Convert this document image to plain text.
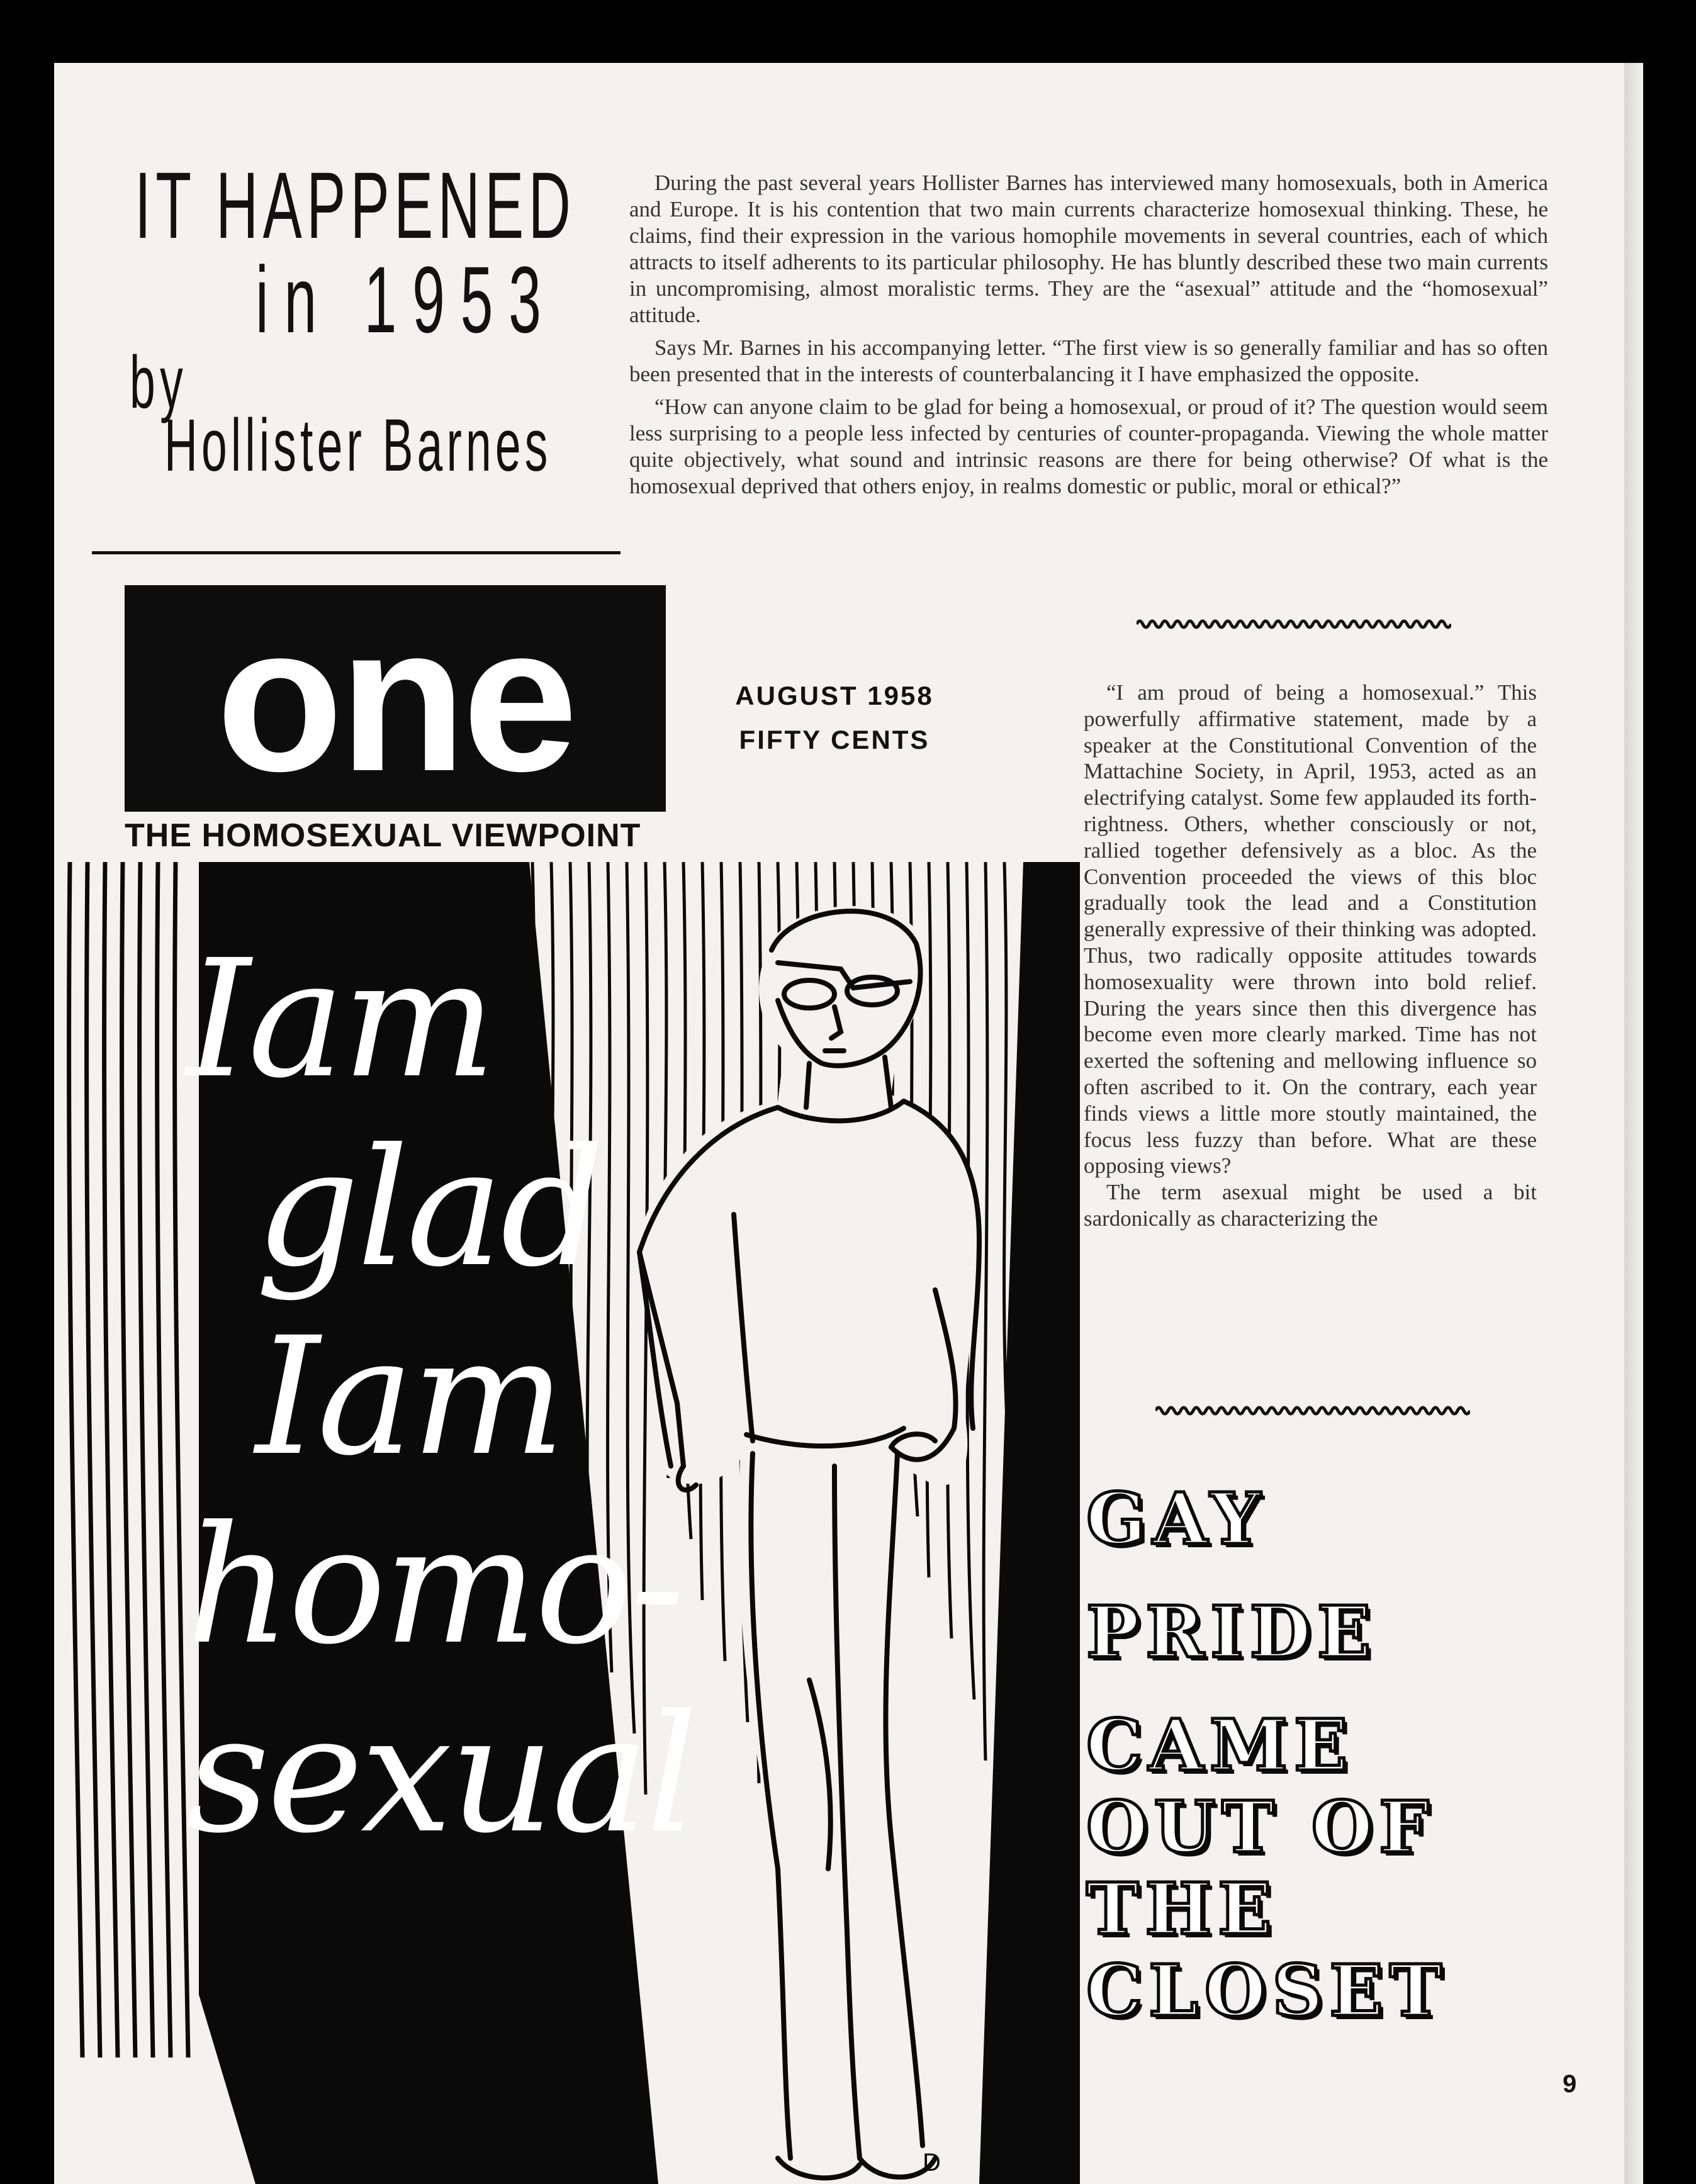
IT HAPPENED
in 1953
by
Hollister Barnes

During the past several years Hollister Barnes has interviewed many homosexuals, both in America and Europe. It is his contention that two main currents characterize homosexual thinking. These, he claims, find their expression in the various homophile movements in several countries, each of which attracts to itself adherents to its particular philosophy. He has bluntly described these two main currents in uncompromising, almost moralistic terms. They are the “asexual” attitude and the “homosexual” attitude.

Says Mr. Barnes in his accompanying letter. “The first view is so generally familiar and has so often been presented that in the interests of counterbalancing it I have emphasized the opposite.

“How can anyone claim to be glad for being a homosexual, or proud of it? The question would seem less surprising to a people less infected by centuries of counter-propaganda. Viewing the whole matter quite objectively, what sound and intrinsic reasons are there for being otherwise? Of what is the homosexual deprived that others enjoy, in realms domestic or public, moral or ethical?”

one
THE HOMOSEXUAL VIEWPOINT
AUGUST 1958
FIFTY CENTS
D
Iam
glad
Iam
homo-
sexual

“I am proud of being a homosexual.” This powerfully affirmative statement, made by a speaker at the Constitutional Convention of the Mattachine Society, in April, 1953, acted as an electrifying catalyst. Some few applauded its forth-rightness. Others, whether consciously or not, rallied together defensively as a bloc. As the Convention proceeded the views of this bloc gradually took the lead and a Constitution generally expressive of their thinking was adopted. Thus, two radically opposite attitudes towards homosexuality were thrown into bold relief. During the years since then this divergence has become even more clearly marked. Time has not exerted the softening and mellowing influence so often ascribed to it. On the contrary, each year finds views a little more stoutly maintained, the focus less fuzzy than before. What are these opposing views?

The term asexual might be used a bit sardonically as characterizing the

GAY
PRIDE
CAME
OUT OF
THE
CLOSET
9
